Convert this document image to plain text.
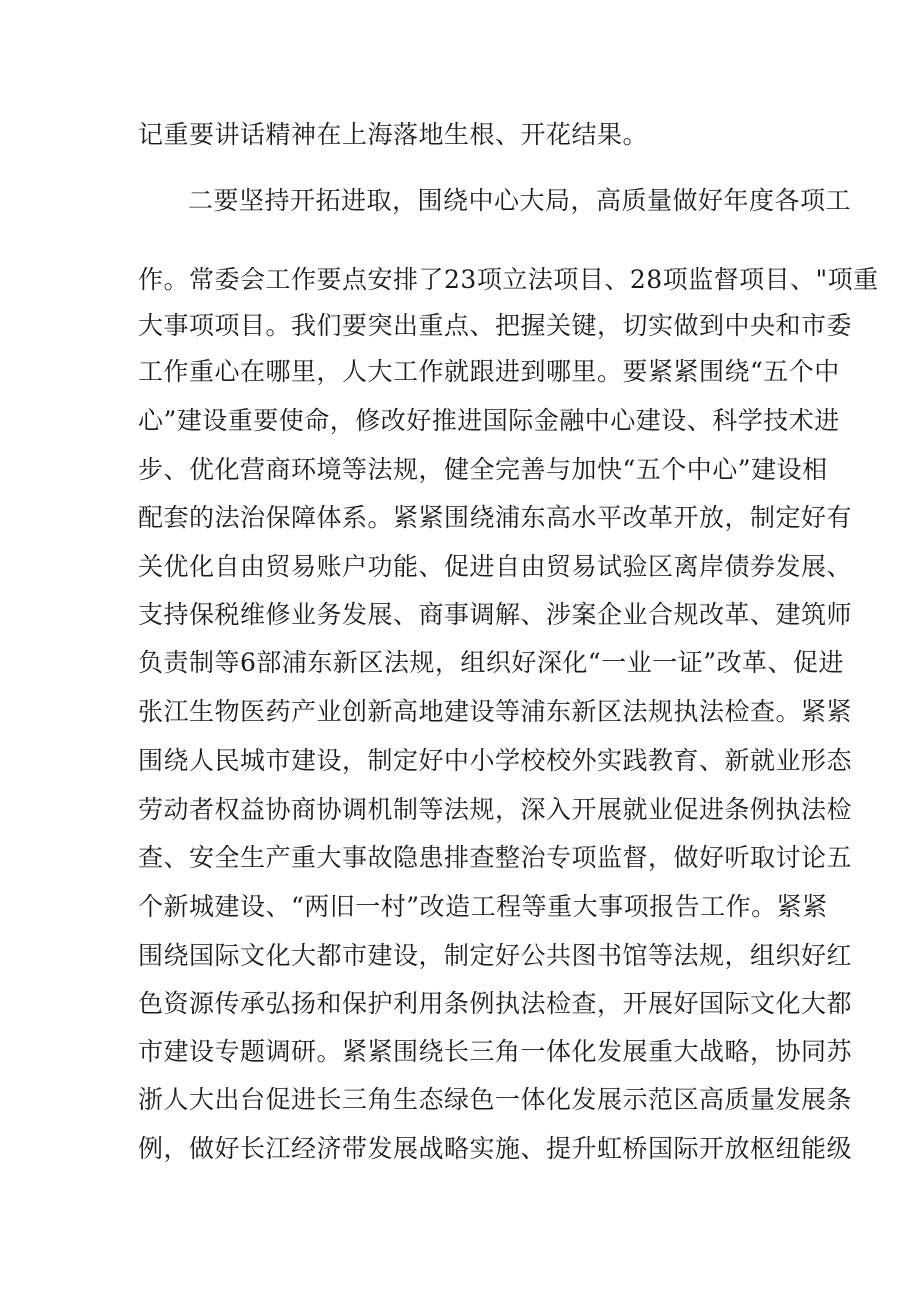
记重要讲话精神在上海落地生根、开花结果。
二要坚持开拓进取，围绕中心大局，高质量做好年度各项工
作。常委会工作要点安排了23项立法项目、28项监督项目、"项重
大事项项目。我们要突出重点、把握关键，切实做到中央和市委
工作重心在哪里，人大工作就跟进到哪里。要紧紧围绕“五个中
心”建设重要使命，修改好推进国际金融中心建设、科学技术进
步、优化营商环境等法规，健全完善与加快“五个中心”建设相
配套的法治保障体系。紧紧围绕浦东高水平改革开放，制定好有
关优化自由贸易账户功能、促进自由贸易试验区离岸债券发展、
支持保税维修业务发展、商事调解、涉案企业合规改革、建筑师
负责制等6部浦东新区法规，组织好深化“一业一证”改革、促进
张江生物医药产业创新高地建设等浦东新区法规执法检查。紧紧
围绕人民城市建设，制定好中小学校校外实践教育、新就业形态
劳动者权益协商协调机制等法规，深入开展就业促进条例执法检
查、安全生产重大事故隐患排查整治专项监督，做好听取讨论五
个新城建设、“两旧一村”改造工程等重大事项报告工作。紧紧
围绕国际文化大都市建设，制定好公共图书馆等法规，组织好红
色资源传承弘扬和保护利用条例执法检查，开展好国际文化大都
市建设专题调研。紧紧围绕长三角一体化发展重大战略，协同苏
浙人大出台促进长三角生态绿色一体化发展示范区高质量发展条
例，做好长江经济带发展战略实施、提升虹桥国际开放枢纽能级
